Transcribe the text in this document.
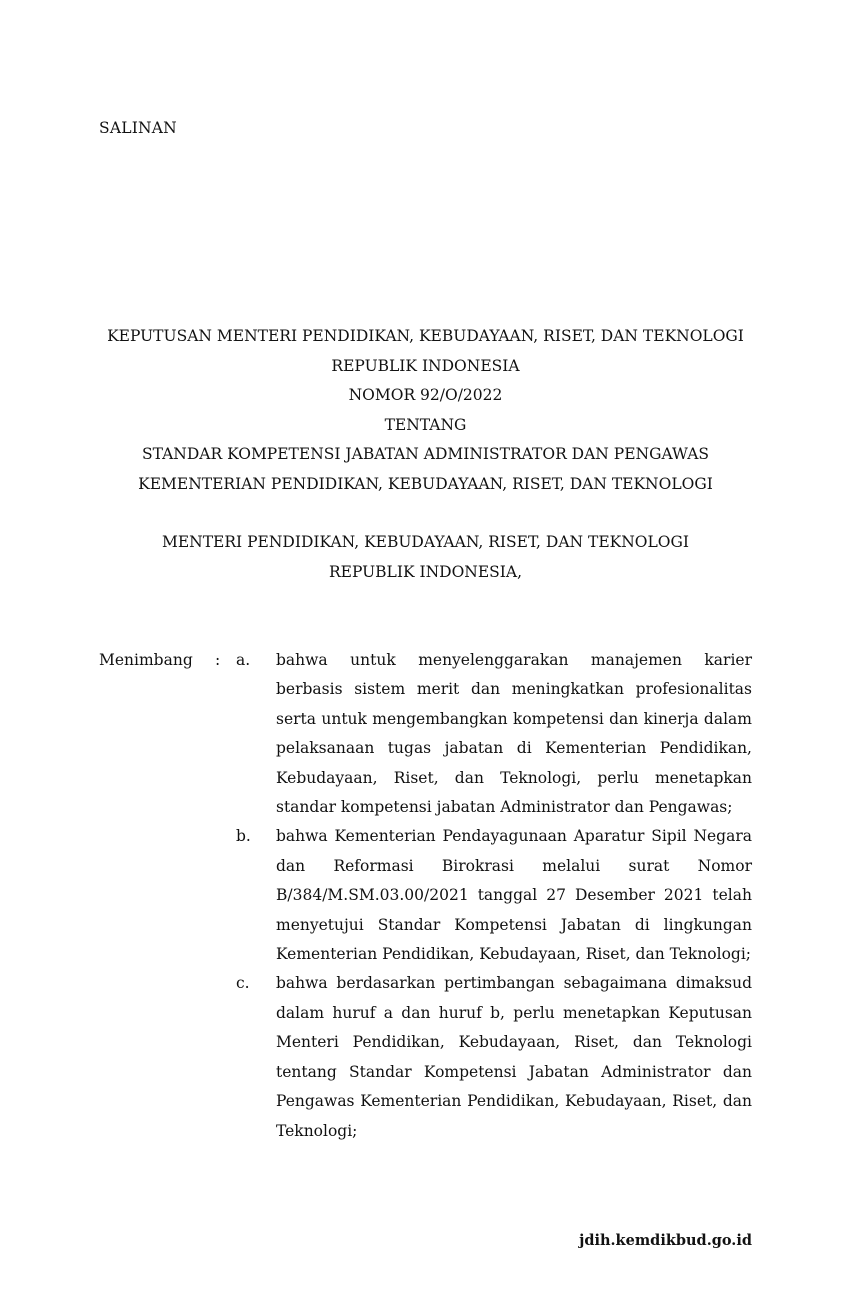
SALINAN
KEPUTUSAN MENTERI PENDIDIKAN, KEBUDAYAAN, RISET, DAN TEKNOLOGI
REPUBLIK INDONESIA
NOMOR 92/O/2022
TENTANG
STANDAR KOMPETENSI JABATAN ADMINISTRATOR DAN PENGAWAS
KEMENTERIAN PENDIDIKAN, KEBUDAYAAN, RISET, DAN TEKNOLOGI
MENTERI PENDIDIKAN, KEBUDAYAAN, RISET, DAN TEKNOLOGI
REPUBLIK INDONESIA,
Menimbang : a. bahwa untuk menyelenggarakan manajemen karier berbasis sistem merit dan meningkatkan profesionalitas serta untuk mengembangkan kompetensi dan kinerja dalam pelaksanaan tugas jabatan di Kementerian Pendidikan, Kebudayaan, Riset, dan Teknologi, perlu menetapkan standar kompetensi jabatan Administrator dan Pengawas;
b. bahwa Kementerian Pendayagunaan Aparatur Sipil Negara dan Reformasi Birokrasi melalui surat Nomor B/384/M.SM.03.00/2021 tanggal 27 Desember 2021 telah menyetujui Standar Kompetensi Jabatan di lingkungan Kementerian Pendidikan, Kebudayaan, Riset, dan Teknologi;
c. bahwa berdasarkan pertimbangan sebagaimana dimaksud dalam huruf a dan huruf b, perlu menetapkan Keputusan Menteri Pendidikan, Kebudayaan, Riset, dan Teknologi tentang Standar Kompetensi Jabatan Administrator dan Pengawas Kementerian Pendidikan, Kebudayaan, Riset, dan Teknologi;
jdih.kemdikbud.go.id
